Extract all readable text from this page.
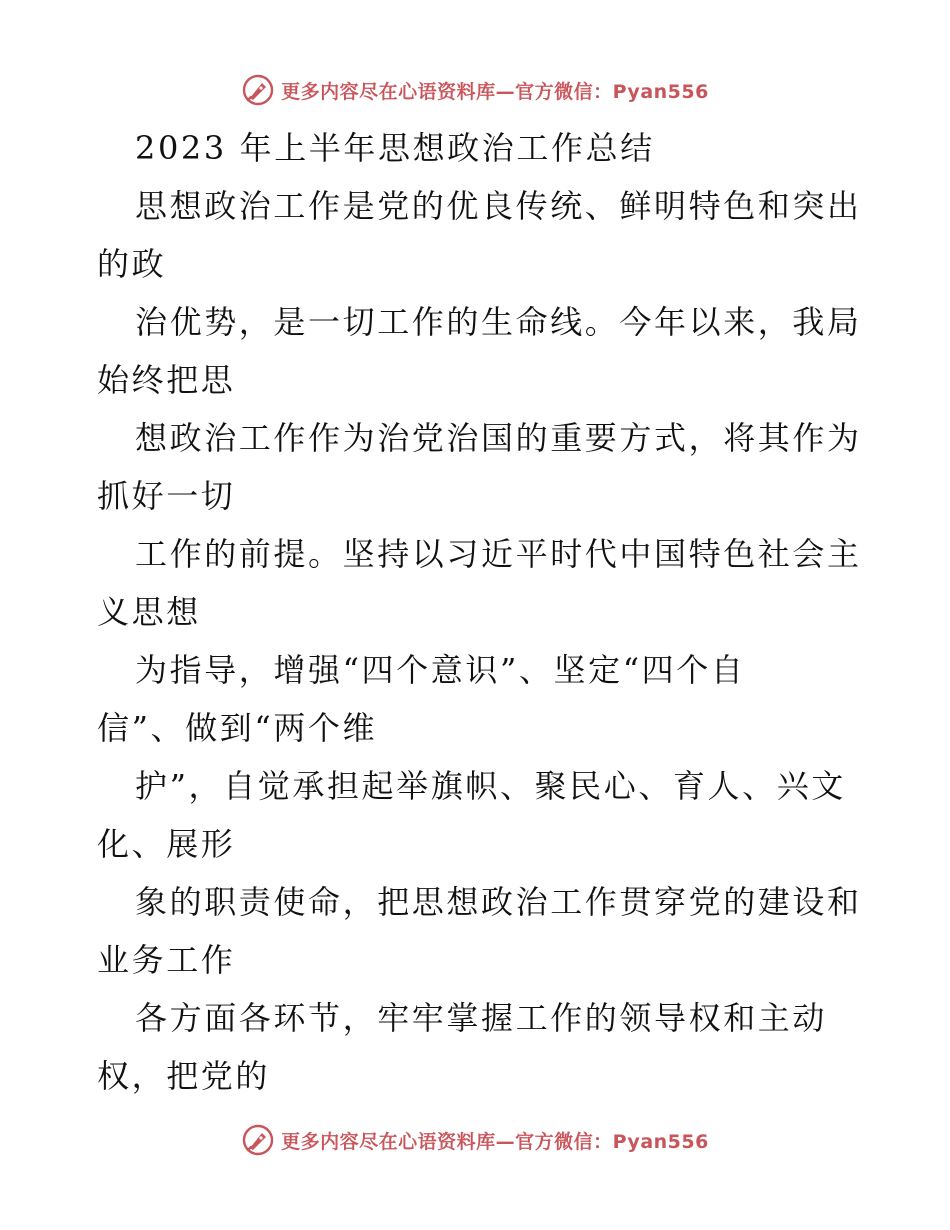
更多内容尽在心语资料库—官方微信：Pyan556
2023 年上半年思想政治工作总结
思想政治工作是党的优良传统、鲜明特色和突出
的政
治优势，是一切工作的生命线。今年以来，我局
始终把思
想政治工作作为治党治国的重要方式，将其作为
抓好一切
工作的前提。坚持以习近平时代中国特色社会主
义思想
为指导，增强“四个意识”、坚定“四个自
信”、做到“两个维
护”，自觉承担起举旗帜、聚民心、育人、兴文
化、展形
象的职责使命，把思想政治工作贯穿党的建设和
业务工作
各方面各环节，牢牢掌握工作的领导权和主动
权，把党的
更多内容尽在心语资料库—官方微信：Pyan556
